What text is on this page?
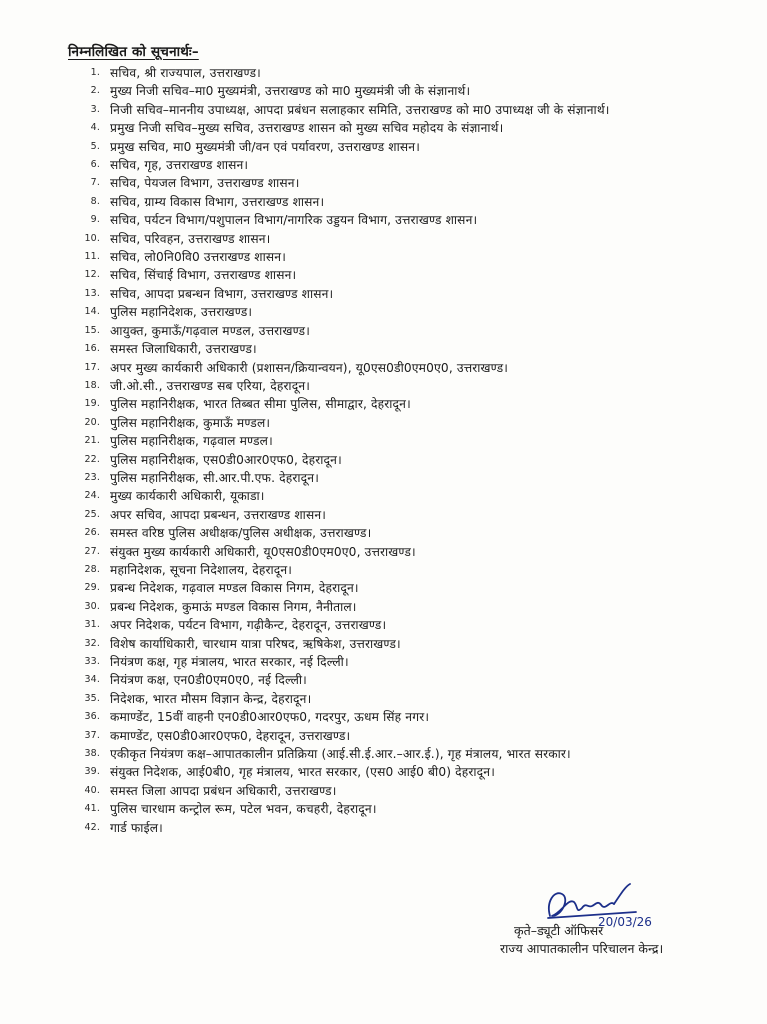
निम्नलिखित को सूचनार्थः–
1. सचिव, श्री राज्यपाल, उत्तराखण्ड।
2. मुख्य निजी सचिव–मा0 मुख्यमंत्री, उत्तराखण्ड को मा0 मुख्यमंत्री जी के संज्ञानार्थ।
3. निजी सचिव–माननीय उपाध्यक्ष, आपदा प्रबंधन सलाहकार समिति, उत्तराखण्ड को मा0 उपाध्यक्ष जी के संज्ञानार्थ।
4. प्रमुख निजी सचिव–मुख्य सचिव, उत्तराखण्ड शासन को मुख्य सचिव महोदय के संज्ञानार्थ।
5. प्रमुख सचिव, मा0 मुख्यमंत्री जी/वन एवं पर्यावरण, उत्तराखण्ड शासन।
6. सचिव, गृह, उत्तराखण्ड शासन।
7. सचिव, पेयजल विभाग, उत्तराखण्ड शासन।
8. सचिव, ग्राम्य विकास विभाग, उत्तराखण्ड शासन।
9. सचिव, पर्यटन विभाग/पशुपालन विभाग/नागरिक उड्डयन विभाग, उत्तराखण्ड शासन।
10. सचिव, परिवहन, उत्तराखण्ड शासन।
11. सचिव, लो0नि0वि0 उत्तराखण्ड शासन।
12. सचिव, सिंचाई विभाग, उत्तराखण्ड शासन।
13. सचिव, आपदा प्रबन्धन विभाग, उत्तराखण्ड शासन।
14. पुलिस महानिदेशक, उत्तराखण्ड।
15. आयुक्त, कुमाऊँ/गढ़वाल मण्डल, उत्तराखण्ड।
16. समस्त जिलाधिकारी, उत्तराखण्ड।
17. अपर मुख्य कार्यकारी अधिकारी (प्रशासन/क्रियान्वयन), यू0एस0डी0एम0ए0, उत्तराखण्ड।
18. जी.ओ.सी., उत्तराखण्ड सब एरिया, देहरादून।
19. पुलिस महानिरीक्षक, भारत तिब्बत सीमा पुलिस, सीमाद्वार, देहरादून।
20. पुलिस महानिरीक्षक, कुमाऊँ मण्डल।
21. पुलिस महानिरीक्षक, गढ़वाल मण्डल।
22. पुलिस महानिरीक्षक, एस0डी0आर0एफ0, देहरादून।
23. पुलिस महानिरीक्षक, सी.आर.पी.एफ. देहरादून।
24. मुख्य कार्यकारी अधिकारी, यूकाडा।
25. अपर सचिव, आपदा प्रबन्धन, उत्तराखण्ड शासन।
26. समस्त वरिष्ठ पुलिस अधीक्षक/पुलिस अधीक्षक, उत्तराखण्ड।
27. संयुक्त मुख्य कार्यकारी अधिकारी, यू0एस0डी0एम0ए0, उत्तराखण्ड।
28. महानिदेशक, सूचना निदेशालय, देहरादून।
29. प्रबन्ध निदेशक, गढ़वाल मण्डल विकास निगम, देहरादून।
30. प्रबन्ध निदेशक, कुमाऊं मण्डल विकास निगम, नैनीताल।
31. अपर निदेशक, पर्यटन विभाग, गढ़ीकैन्ट, देहरादून, उत्तराखण्ड।
32. विशेष कार्याधिकारी, चारधाम यात्रा परिषद, ऋषिकेश, उत्तराखण्ड।
33. नियंत्रण कक्ष, गृह मंत्रालय, भारत सरकार, नई दिल्ली।
34. नियंत्रण कक्ष, एन0डी0एम0ए0, नई दिल्ली।
35. निदेशक, भारत मौसम विज्ञान केन्द्र, देहरादून।
36. कमाण्डेंट, 15वीं वाहनी एन0डी0आर0एफ0, गदरपुर, ऊधम सिंह नगर।
37. कमाण्डेंट, एस0डी0आर0एफ0, देहरादून, उत्तराखण्ड।
38. एकीकृत नियंत्रण कक्ष–आपातकालीन प्रतिक्रिया (आई.सी.ई.आर.–आर.ई.), गृह मंत्रालय, भारत सरकार।
39. संयुक्त निदेशक, आई0बी0, गृह मंत्रालय, भारत सरकार, (एस0 आई0 बी0) देहरादून।
40. समस्त जिला आपदा प्रबंधन अधिकारी, उत्तराखण्ड।
41. पुलिस चारधाम कन्ट्रोल रूम, पटेल भवन, कचहरी, देहरादून।
42. गार्ड फाईल।
20/03/26
कृते–ड्यूटी ऑफिसर
राज्य आपातकालीन परिचालन केन्द्र।
